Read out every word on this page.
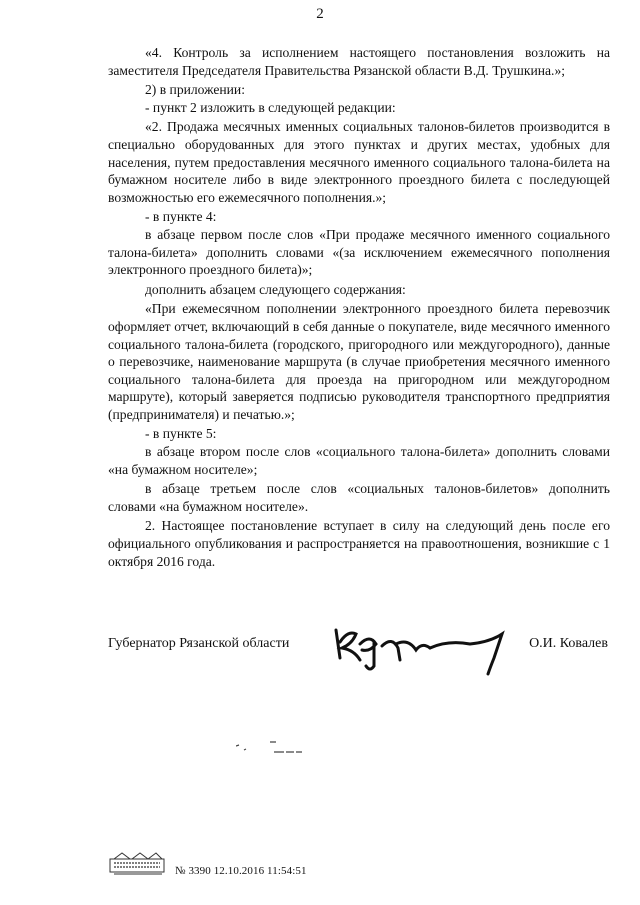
2

«4. Контроль за исполнением настоящего постановления возложить на заместителя Председателя Правительства Рязанской области В.Д. Трушкина.»;

2) в приложении:

- пункт 2 изложить в следующей редакции:

«2. Продажа месячных именных социальных талонов-билетов производится в специально оборудованных для этого пунктах и других местах, удобных для населения, путем предоставления месячного именного социального талона-билета на бумажном носителе либо в виде электронного проездного билета с последующей возможностью его ежемесячного пополнения.»;

- в пункте 4:

в абзаце первом после слов «При продаже месячного именного социального талона-билета» дополнить словами «(за исключением ежемесячного пополнения электронного проездного билета)»;

дополнить абзацем следующего содержания:

«При ежемесячном пополнении электронного проездного билета перевозчик оформляет отчет, включающий в себя данные о покупателе, виде месячного именного социального талона-билета (городского, пригородного или междугородного), данные о перевозчике, наименование маршрута (в случае приобретения месячного именного социального талона-билета для проезда на пригородном или междугородном маршруте), который заверяется подписью руководителя транспортного предприятия (предпринимателя) и печатью.»;

- в пункте 5:

в абзаце втором после слов «социального талона-билета» дополнить словами «на бумажном носителе»;

в абзаце третьем после слов «социальных талонов-билетов» дополнить словами «на бумажном носителе».

2. Настоящее постановление вступает в силу на следующий день после его официального опубликования и распространяется на правоотношения, возникшие с 1 октября 2016 года.

Губернатор Рязанской области	О.И. Ковалев
№ 3390 12.10.2016 11:54:51
